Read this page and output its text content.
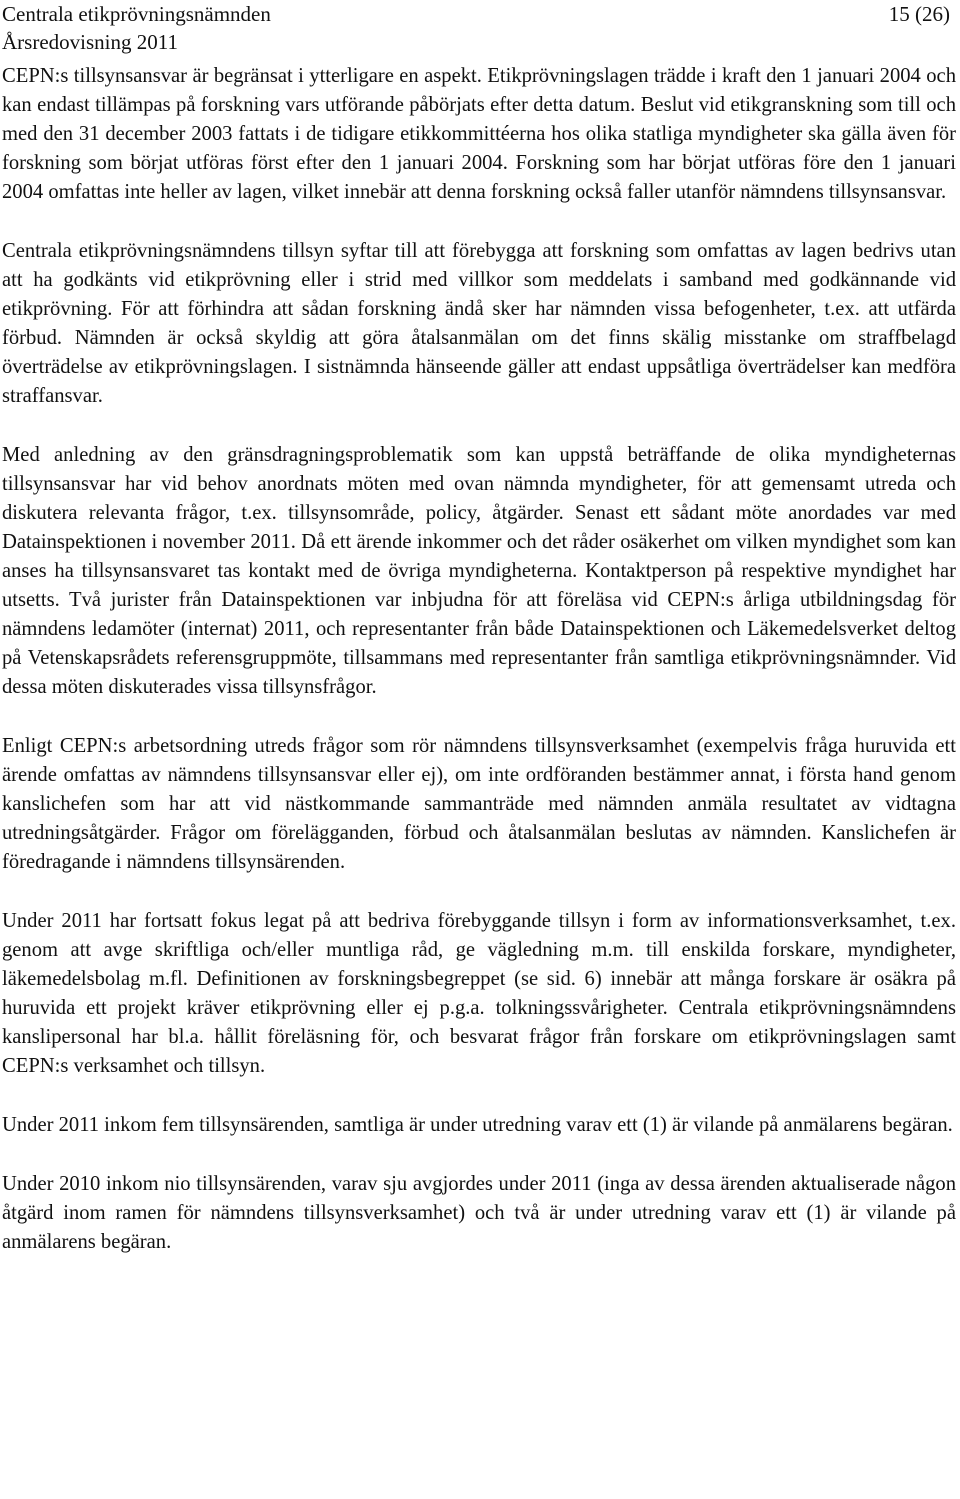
Centrala etikprövningsnämnden
Årsredovisning 2011
15 (26)

CEPN:s tillsynsansvar är begränsat i ytterligare en aspekt. Etikprövningslagen trädde i kraft den 1 januari 2004 och kan endast tillämpas på forskning vars utförande påbörjats efter detta datum. Beslut vid etikgranskning som till och med den 31 december 2003 fattats i de tidigare etikkommittéerna hos olika statliga myndigheter ska gälla även för forskning som börjat utföras först efter den 1 januari 2004. Forskning som har börjat utföras före den 1 januari 2004 omfattas inte heller av lagen, vilket innebär att denna forskning också faller utanför nämndens tillsynsansvar.

Centrala etikprövningsnämndens tillsyn syftar till att förebygga att forskning som omfattas av lagen bedrivs utan att ha godkänts vid etikprövning eller i strid med villkor som meddelats i samband med godkännande vid etikprövning. För att förhindra att sådan forskning ändå sker har nämnden vissa befogenheter, t.ex. att utfärda förbud. Nämnden är också skyldig att göra åtalsanmälan om det finns skälig misstanke om straffbelagd överträdelse av etikprövningslagen. I sistnämnda hänseende gäller att endast uppsåtliga överträdelser kan medföra straffansvar.

Med anledning av den gränsdragningsproblematik som kan uppstå beträffande de olika myndigheternas tillsynsansvar har vid behov anordnats möten med ovan nämnda myndigheter, för att gemensamt utreda och diskutera relevanta frågor, t.ex. tillsynsområde, policy, åtgärder. Senast ett sådant möte anordades var med Datainspektionen i november 2011. Då ett ärende inkommer och det råder osäkerhet om vilken myndighet som kan anses ha tillsynsansvaret tas kontakt med de övriga myndigheterna. Kontaktperson på respektive myndighet har utsetts. Två jurister från Datainspektionen var inbjudna för att föreläsa vid CEPN:s årliga utbildningsdag för nämndens ledamöter (internat) 2011, och representanter från både Datainspektionen och Läkemedelsverket deltog på Vetenskapsrådets referensgruppmöte, tillsammans med representanter från samtliga etikprövningsnämnder. Vid dessa möten diskuterades vissa tillsynsfrågor.

Enligt CEPN:s arbetsordning utreds frågor som rör nämndens tillsynsverksamhet (exempelvis fråga huruvida ett ärende omfattas av nämndens tillsynsansvar eller ej), om inte ordföranden bestämmer annat, i första hand genom kanslichefen som har att vid nästkommande sammanträde med nämnden anmäla resultatet av vidtagna utredningsåtgärder. Frågor om förelägganden, förbud och åtalsanmälan beslutas av nämnden. Kanslichefen är föredragande i nämndens tillsynsärenden.

Under 2011 har fortsatt fokus legat på att bedriva förebyggande tillsyn i form av informationsverksamhet, t.ex. genom att avge skriftliga och/eller muntliga råd, ge vägledning m.m. till enskilda forskare, myndigheter, läkemedelsbolag m.fl. Definitionen av forskningsbegreppet (se sid. 6) innebär att många forskare är osäkra på huruvida ett projekt kräver etikprövning eller ej p.g.a. tolkningssvårigheter. Centrala etikprövningsnämndens kanslipersonal har bl.a. hållit föreläsning för, och besvarat frågor från forskare om etikprövningslagen samt CEPN:s verksamhet och tillsyn.

Under 2011 inkom fem tillsynsärenden, samtliga är under utredning varav ett (1) är vilande på anmälarens begäran.

Under 2010 inkom nio tillsynsärenden, varav sju avgjordes under 2011 (inga av dessa ärenden aktualiserade någon åtgärd inom ramen för nämndens tillsynsverksamhet) och två är under utredning varav ett (1) är vilande på anmälarens begäran.
